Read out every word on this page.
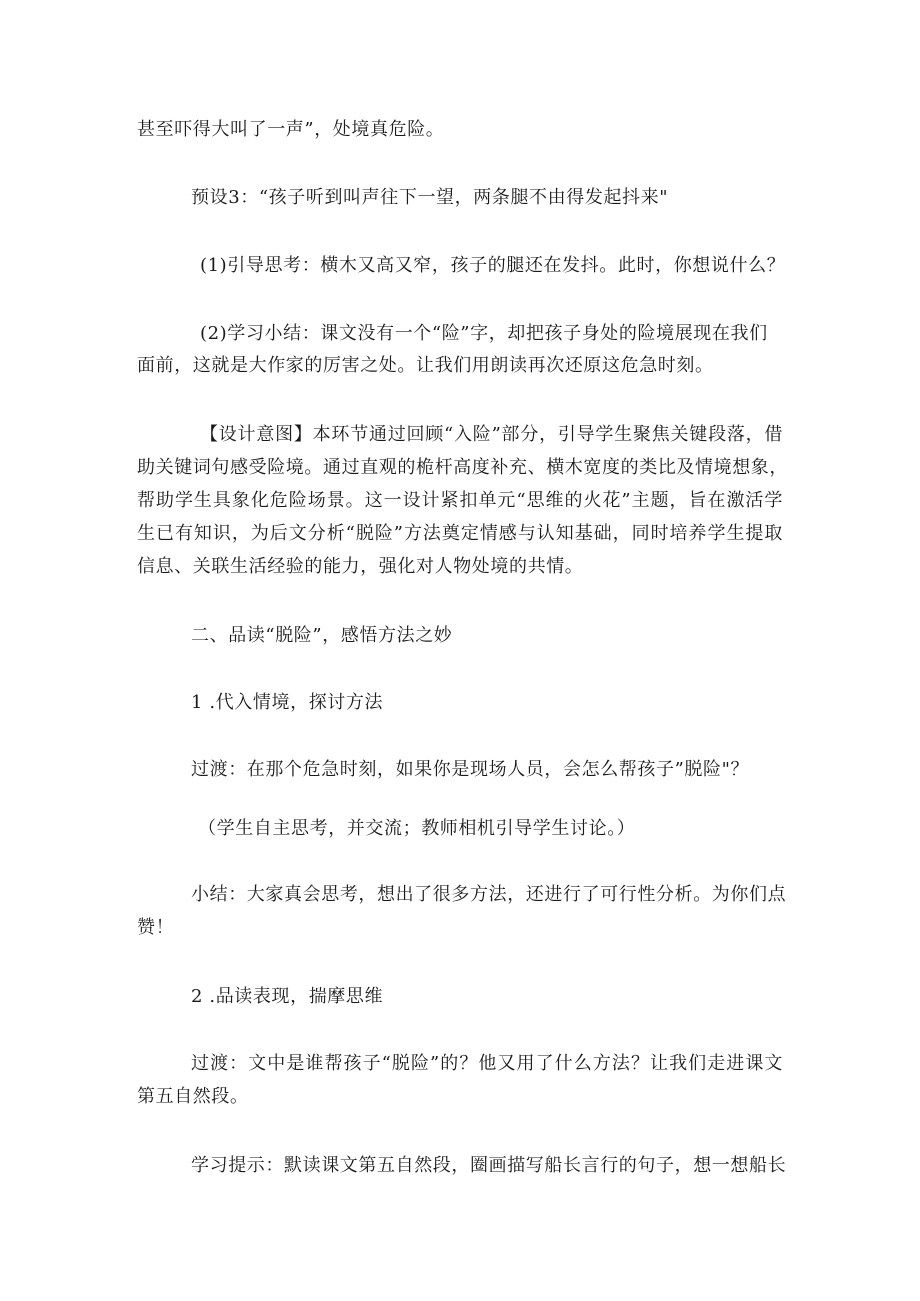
甚至吓得大叫了一声”，处境真危险。
预设3：“孩子听到叫声往下一望，两条腿不由得发起抖来"
(1)引导思考：横木又高又窄，孩子的腿还在发抖。此时，你想说什么？
(2)学习小结：课文没有一个“险”字，却把孩子身处的险境展现在我们
面前，这就是大作家的厉害之处。让我们用朗读再次还原这危急时刻。
【设计意图】本环节通过回顾“入险”部分，引导学生聚焦关键段落，借
助关键词句感受险境。通过直观的桅杆高度补充、横木宽度的类比及情境想象，
帮助学生具象化危险场景。这一设计紧扣单元“思维的火花”主题，旨在激活学
生已有知识，为后文分析“脱险”方法奠定情感与认知基础，同时培养学生提取
信息、关联生活经验的能力，强化对人物处境的共情。
二、品读“脱险”，感悟方法之妙
1 .代入情境，探讨方法
过渡：在那个危急时刻，如果你是现场人员，会怎么帮孩子”脱险"？
（学生自主思考，并交流；教师相机引导学生讨论。）
小结：大家真会思考，想出了很多方法，还进行了可行性分析。为你们点
赞！
2 .品读表现，揣摩思维
过渡：文中是谁帮孩子“脱险”的？他又用了什么方法？让我们走进课文
第五自然段。
学习提示：默读课文第五自然段，圈画描写船长言行的句子，想一想船长
